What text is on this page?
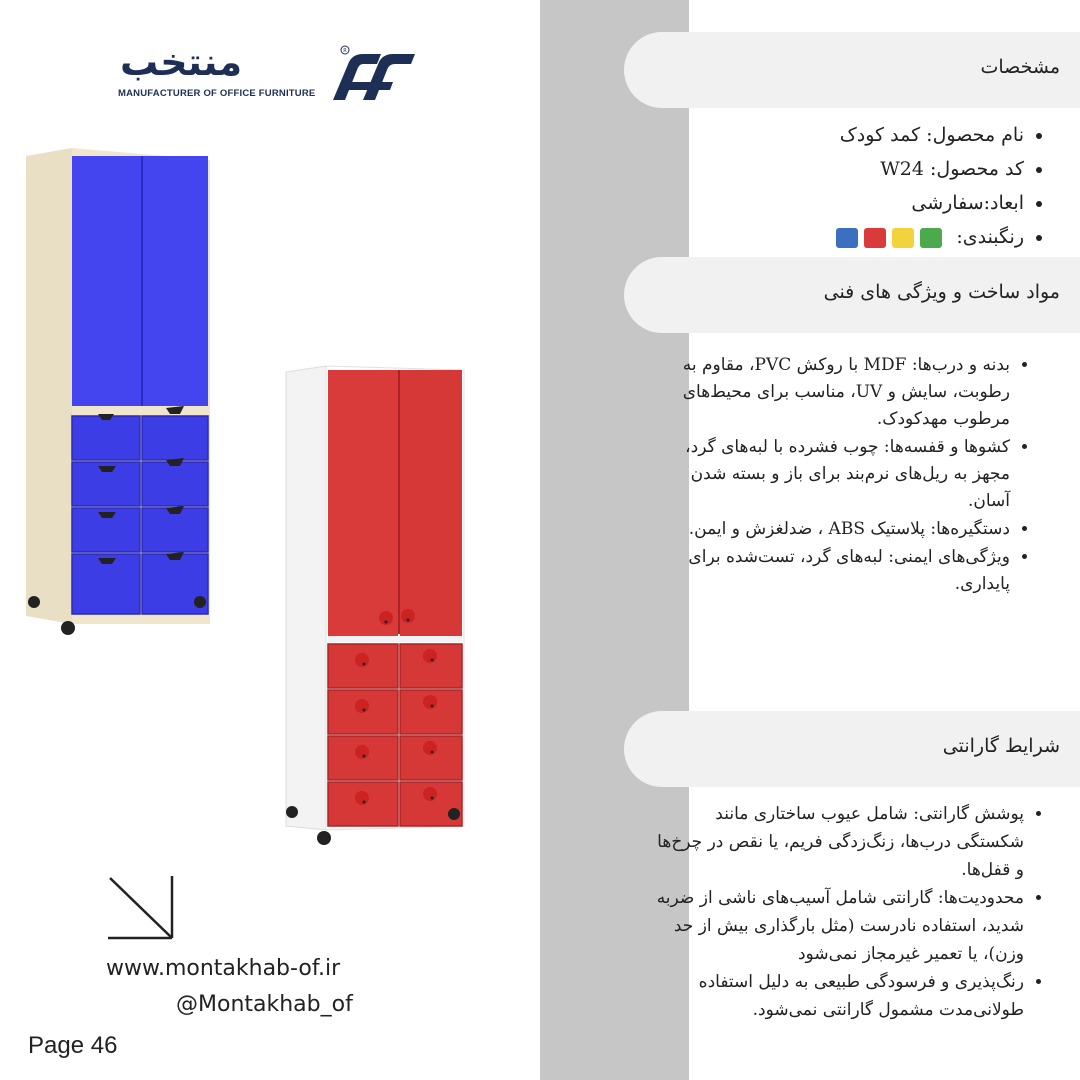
منتخب
MANUFACTURER OF OFFICE FURNITURE
R
www.montakhab-of.ir
@Montakhab_of
Page 46
مشخصات
• نام محصول: کمد کودک
• کد محصول: W24
• ابعاد:سفارشی
• رنگبندی:
مواد ساخت و ویژگی های فنی
• بدنه و درب‌ها: MDF با روکش PVC، مقاوم به رطوبت، سایش و UV، مناسب برای محیط‌های مرطوب مهدکودک.
• کشوها و قفسه‌ها: چوب فشرده با لبه‌های گرد، مجهز به ریل‌های نرم‌بند برای باز و بسته شدن آسان.
• دستگیره‌ها: پلاستیک ABS ، ضدلغزش و ایمن.
• ویژگی‌های ایمنی: لبه‌های گرد، تست‌شده برای پایداری.
شرایط گارانتی
• پوشش گارانتی: شامل عیوب ساختاری مانند شکستگی درب‌ها، زنگ‌زدگی فریم، یا نقص در چرخ‌ها و قفل‌ها.
• محدودیت‌ها: گارانتی شامل آسیب‌های ناشی از ضربه شدید، استفاده نادرست (مثل بارگذاری بیش از حد وزن)، یا تعمیر غیرمجاز نمی‌شود
• رنگ‌پذیری و فرسودگی طبیعی به دلیل استفاده طولانی‌مدت مشمول گارانتی نمی‌شود.
